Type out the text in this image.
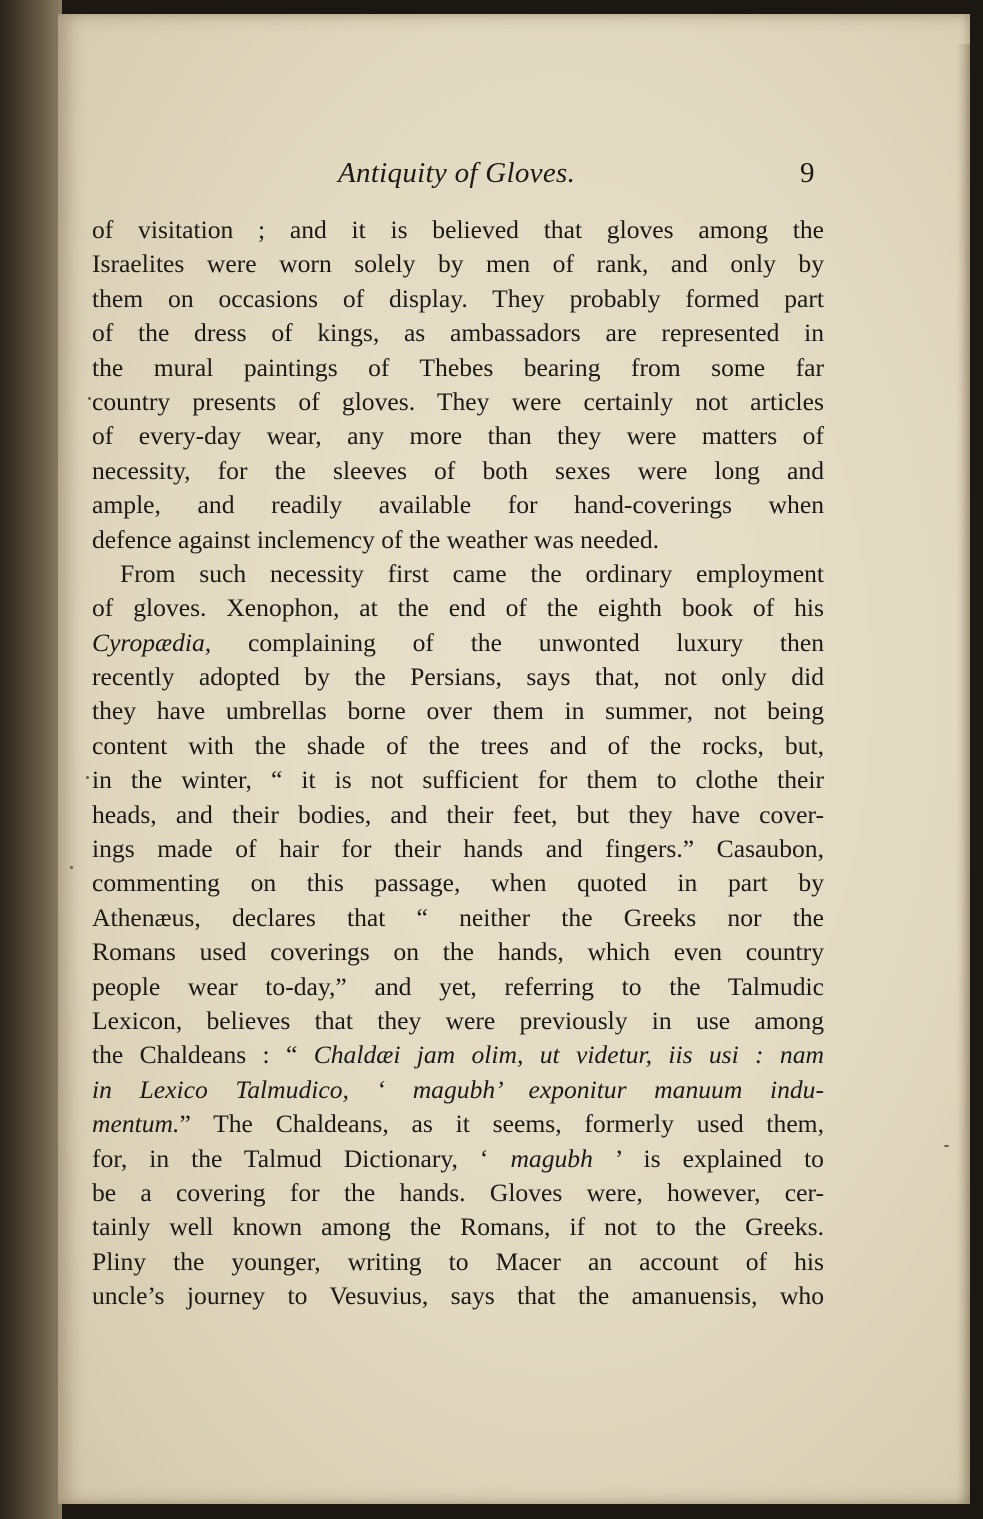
Antiquity of Gloves.	9
of visitation ; and it is believed that gloves among the
Israelites were worn solely by men of rank, and only by
them on occasions of display. They probably formed part
of the dress of kings, as ambassadors are represented in
the mural paintings of Thebes bearing from some far
country presents of gloves. They were certainly not articles
of every-day wear, any more than they were matters of
necessity, for the sleeves of both sexes were long and
ample, and readily available for hand-coverings when
defence against inclemency of the weather was needed.
From such necessity first came the ordinary employment
of gloves. Xenophon, at the end of the eighth book of his
Cyropædia, complaining of the unwonted luxury then
recently adopted by the Persians, says that, not only did
they have umbrellas borne over them in summer, not being
content with the shade of the trees and of the rocks, but,
in the winter, “ it is not sufficient for them to clothe their
heads, and their bodies, and their feet, but they have cover-
ings made of hair for their hands and fingers.” Casaubon,
commenting on this passage, when quoted in part by
Athenæus, declares that “ neither the Greeks nor the
Romans used coverings on the hands, which even country
people wear to-day,” and yet, referring to the Talmudic
Lexicon, believes that they were previously in use among
the Chaldeans : “ Chaldæi jam olim, ut videtur, iis usi : nam
in Lexico Talmudico, ‘ magubh’ exponitur manuum indu-
mentum.” The Chaldeans, as it seems, formerly used them,
for, in the Talmud Dictionary, ‘ magubh ’ is explained to
be a covering for the hands. Gloves were, however, cer-
tainly well known among the Romans, if not to the Greeks.
Pliny the younger, writing to Macer an account of his
uncle’s journey to Vesuvius, says that the amanuensis, who
